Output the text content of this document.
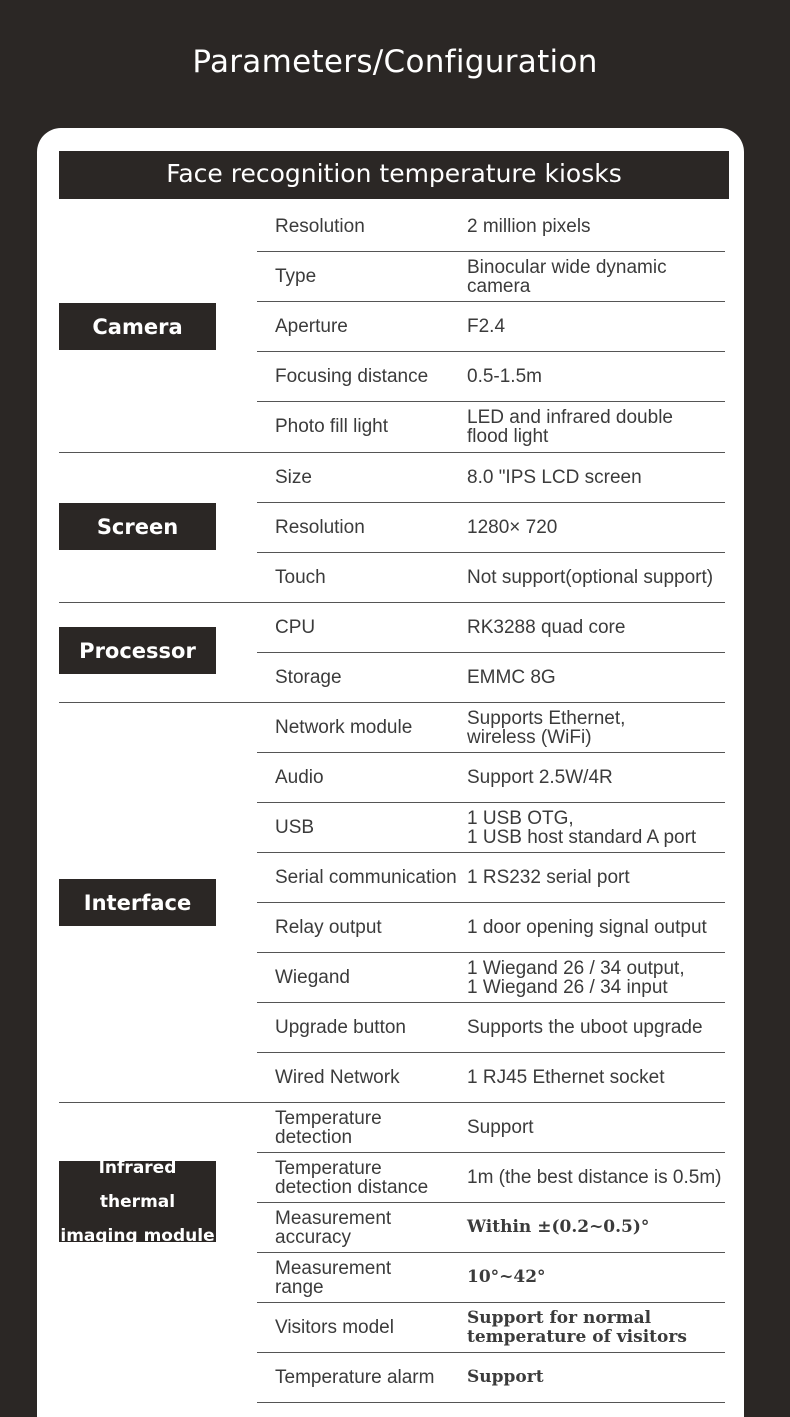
Parameters/Configuration
Face recognition temperature kiosks
Camera
Resolution	2 million pixels
Type	Binocular wide dynamic
camera
Aperture	F2.4
Focusing distance	0.5-1.5m
Photo fill light	LED and infrared double
flood light
Screen
Size	8.0 "IPS LCD screen
Resolution	1280× 720
Touch	Not support(optional support)
Processor
CPU	RK3288 quad core
Storage	EMMC 8G
Interface
Network module	Supports Ethernet,
wireless (WiFi)
Audio	Support 2.5W/4R
USB	1 USB OTG,
1 USB host standard A port
Serial communication 1 RS232 serial port
Relay output	1 door opening signal output
Wiegand	1 Wiegand 26 / 34 output,
1 Wiegand 26 / 34 input
Upgrade button	Supports the uboot upgrade
Wired Network	1 RJ45 Ethernet socket
Infrared thermal
imaging module
Temperature
detection	Support
Temperature
detection distance	1m (the best distance is 0.5m)
Measurement
accuracy	Within ±(0.2~0.5)°
Measurement
range	10°~42°
Visitors model	Support for normal
temperature of visitors
Temperature alarm	Support
